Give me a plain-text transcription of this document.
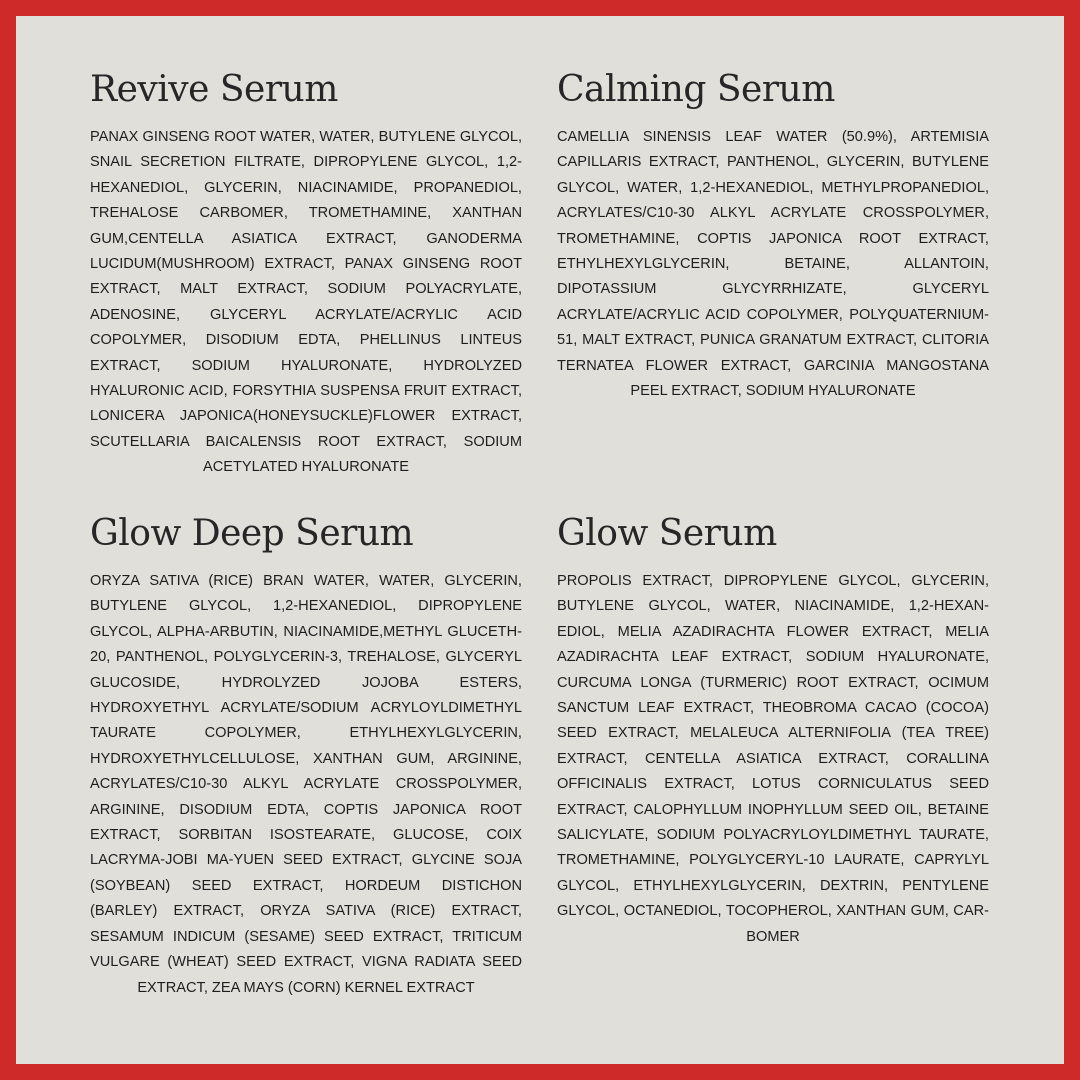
Revive Serum

PANAX GINSENG ROOT WATER, WATER, BUTYLENE GLYCOL, SNAIL SECRETION FILTRATE, DIPROPYLENE GLYCOL, 1,2-HEXANEDIOL, GLYCERIN, NIACINAMIDE, PROPANEDIOL, TREHALOSE CARBOMER, TROMETHAMINE, XANTHAN GUM,CENTELLA ASIATICA EXTRACT, GANODERMA LUCIDUM(MUSHROOM) EXTRACT, PANAX GINSENG ROOT EXTRACT, MALT EXTRACT, SODIUM POLYACRYLATE, ADENOSINE, GLYCERYL ACRYLATE/ACRYLIC ACID COPOLYMER, DISODIUM EDTA, PHELLINUS LINTEUS EXTRACT, SODIUM HYALURONATE, HYDROLYZED HYALURONIC ACID, FORSYTHIA SUSPENSA FRUIT EXTRACT, LONICERA JAPONICA(HONEYSUCKLE)FLOWER EXTRACT, SCUTELLARIA BAICALENSIS ROOT EXTRACT, SODIUM ACETYLATED HYALURONATE

Calming Serum

CAMELLIA SINENSIS LEAF WATER (50.9%), ARTEMISIA CAPILLARIS EXTRACT, PANTHENOL, GLYCERIN, BUTYLENE GLYCOL, WATER, 1,2-HEXANEDIOL, METHYLPROPANEDIOL, ACRYLATES/C10-30 ALKYL ACRYLATE CROSSPOLYMER, TROMETHAMINE, COPTIS JAPONICA ROOT EXTRACT, ETHYLHEXYLGLYCERIN, BETAINE, ALLANTOIN, DIPOTASSIUM GLYCYRRHIZATE, GLYCERYL ACRYLATE/ACRYLIC ACID COPOLYMER, POLYQUATERNIUM-51, MALT EXTRACT, PUNICA GRANATUM EXTRACT, CLITORIA TERNATEA FLOWER EXTRACT, GARCINIA MANGOSTANA PEEL EXTRACT, SODIUM HYALURONATE

Glow Deep Serum

ORYZA SATIVA (RICE) BRAN WATER, WATER, GLYCERIN, BUTYLENE GLYCOL, 1,2-HEXANEDIOL, DIPROPYLENE GLYCOL, ALPHA-ARBUTIN, NIACINAMIDE,METHYL GLUCETH-20, PANTHENOL, POLYGLYCERIN-3, TREHALOSE, GLYCERYL GLUCOSIDE, HYDROLYZED JOJOBA ESTERS, HYDROXYETHYL ACRYLATE/SODIUM ACRYLOYLDIMETHYL TAURATE COPOLYMER, ETHYLHEXYLGLYCERIN, HYDROXYETHYLCELLULOSE, XANTHAN GUM, ARGININE, ACRYLATES/C10-30 ALKYL ACRYLATE CROSSPOLYMER, ARGININE, DISODIUM EDTA, COPTIS JAPONICA ROOT EXTRACT, SORBITAN ISOSTEARATE, GLUCOSE, COIX LACRYMA-JOBI MA-YUEN SEED EXTRACT, GLYCINE SOJA (SOYBEAN) SEED EXTRACT, HORDEUM DISTICHON (BARLEY) EXTRACT, ORYZA SATIVA (RICE) EXTRACT, SESAMUM INDICUM (SESAME) SEED EXTRACT, TRITICUM VULGARE (WHEAT) SEED EXTRACT, VIGNA RADIATA SEED EXTRACT, ZEA MAYS (CORN) KERNEL EXTRACT

Glow Serum

PROPOLIS EXTRACT, DIPROPYLENE GLYCOL, GLYCERIN, BUTYLENE GLYCOL, WATER, NIACINAMIDE, 1,2-HEXANEDIOL, MELIA AZADIRACHTA FLOWER EXTRACT, MELIA AZADIRACHTA LEAF EXTRACT, SODIUM HYALURONATE, CURCUMA LONGA (TURMERIC) ROOT EXTRACT, OCIMUM SANCTUM LEAF EXTRACT, THEOBROMA CACAO (COCOA) SEED EXTRACT, MELALEUCA ALTERNIFOLIA (TEA TREE) EXTRACT, CENTELLA ASIATICA EXTRACT, CORALLINA OFFICINALIS EXTRACT, LOTUS CORNICULATUS SEED EXTRACT, CALOPHYLLUM INOPHYLLUM SEED OIL, BETAINE SALICYLATE, SODIUM POLYACRYLOYLDIMETHYL TAURATE, TROMETHAMINE, POLYGLYCERYL-10 LAURATE, CAPRYLYL GLYCOL, ETHYLHEXYLGLYCERIN, DEXTRIN, PENTYLENE GLYCOL, OCTANEDIOL, TOCOPHEROL, XANTHAN GUM, CARBOMER
